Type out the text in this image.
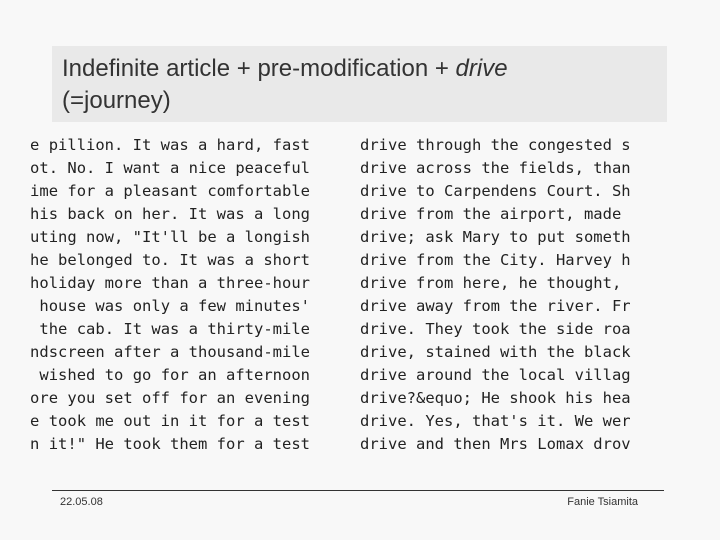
Indefinite article + pre-modification + drive
(=journey)
e pillion. It was a hard, fast	drive through the congested s
ot. No. I want a nice peaceful	drive across the fields, than
ime for a pleasant comfortable	drive to Carpendens Court. Sh
his back on her. It was a long	drive from the airport, made
uting now, "It'll be a longish	drive; ask Mary to put someth
he belonged to. It was a short	drive from the City. Harvey h
holiday more than a three-hour	drive from here, he thought,
house was only a few minutes'	drive away from the river. Fr
the cab. It was a thirty-mile	drive. They took the side roa
ndscreen after a thousand-mile	drive, stained with the black
wished to go for an afternoon	drive around the local villag
ore you set off for an evening	drive?&equo; He shook his hea
e took me out in it for a test	drive. Yes, that's it. We wer
n it!" He took them for a test	drive and then Mrs Lomax drov
22.05.08	Fanie Tsiamita
